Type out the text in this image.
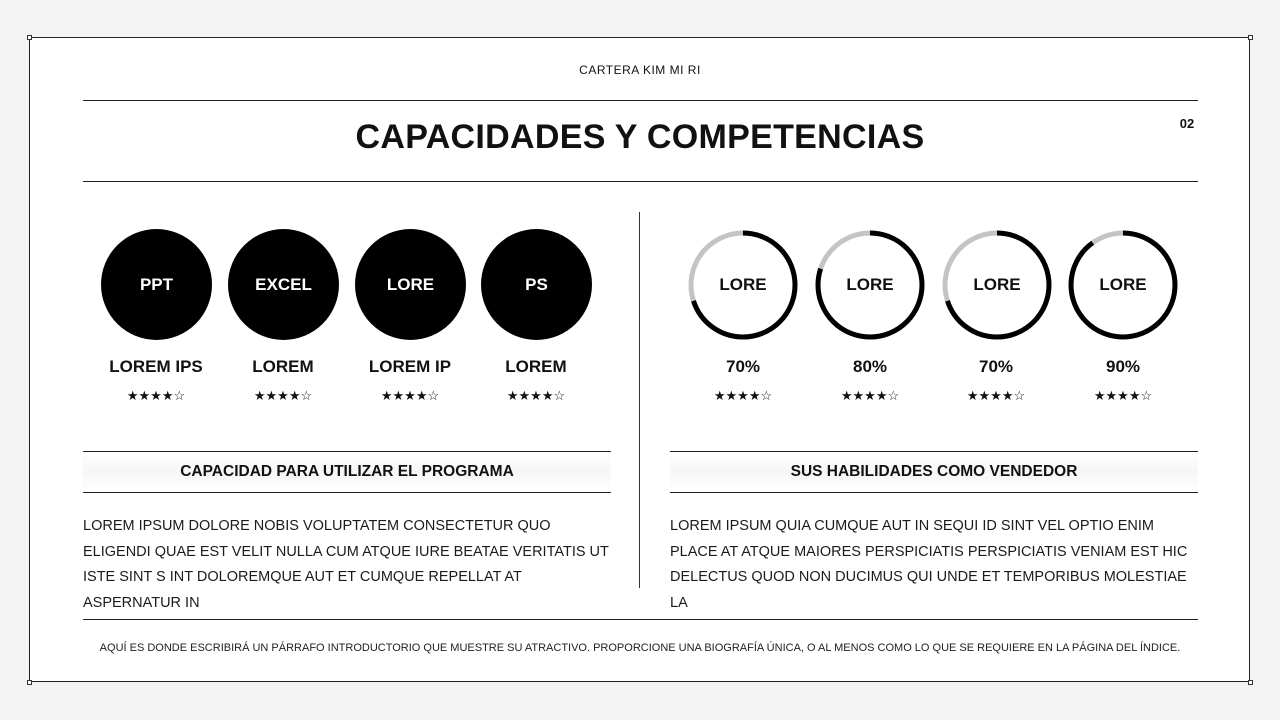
CARTERA KIM MI RI
CAPACIDADES Y COMPETENCIAS	02
PPT	EXCEL	LORE	PS
LOREM IPS	LOREM	LOREM IP	LOREM
★★★★☆	★★★★☆	★★★★☆	★★★★☆
LORE	LORE	LORE	LORE
70%	80%	70%	90%
★★★★☆	★★★★☆	★★★★☆	★★★★☆
CAPACIDAD PARA UTILIZAR EL PROGRAMA	SUS HABILIDADES COMO VENDEDOR
LOREM IPSUM DOLORE NOBIS VOLUPTATEM CONSECTETUR QUO ELIGENDI QUAE EST VELIT NULLA CUM ATQUE IURE BEATAE VERITATIS UT ISTE SINT S INT DOLOREMQUE AUT ET CUMQUE REPELLAT AT ASPERNATUR IN
LOREM IPSUM QUIA CUMQUE AUT IN SEQUI ID SINT VEL OPTIO ENIM PLACE AT ATQUE MAIORES PERSPICIATIS PERSPICIATIS VENIAM EST HIC DELECTUS QUOD NON DUCIMUS QUI UNDE ET TEMPORIBUS MOLESTIAE LA
AQUÍ ES DONDE ESCRIBIRÁ UN PÁRRAFO INTRODUCTORIO QUE MUESTRE SU ATRACTIVO. PROPORCIONE UNA BIOGRAFÍA ÚNICA, O AL MENOS COMO LO QUE SE REQUIERE EN LA PÁGINA DEL ÍNDICE.
